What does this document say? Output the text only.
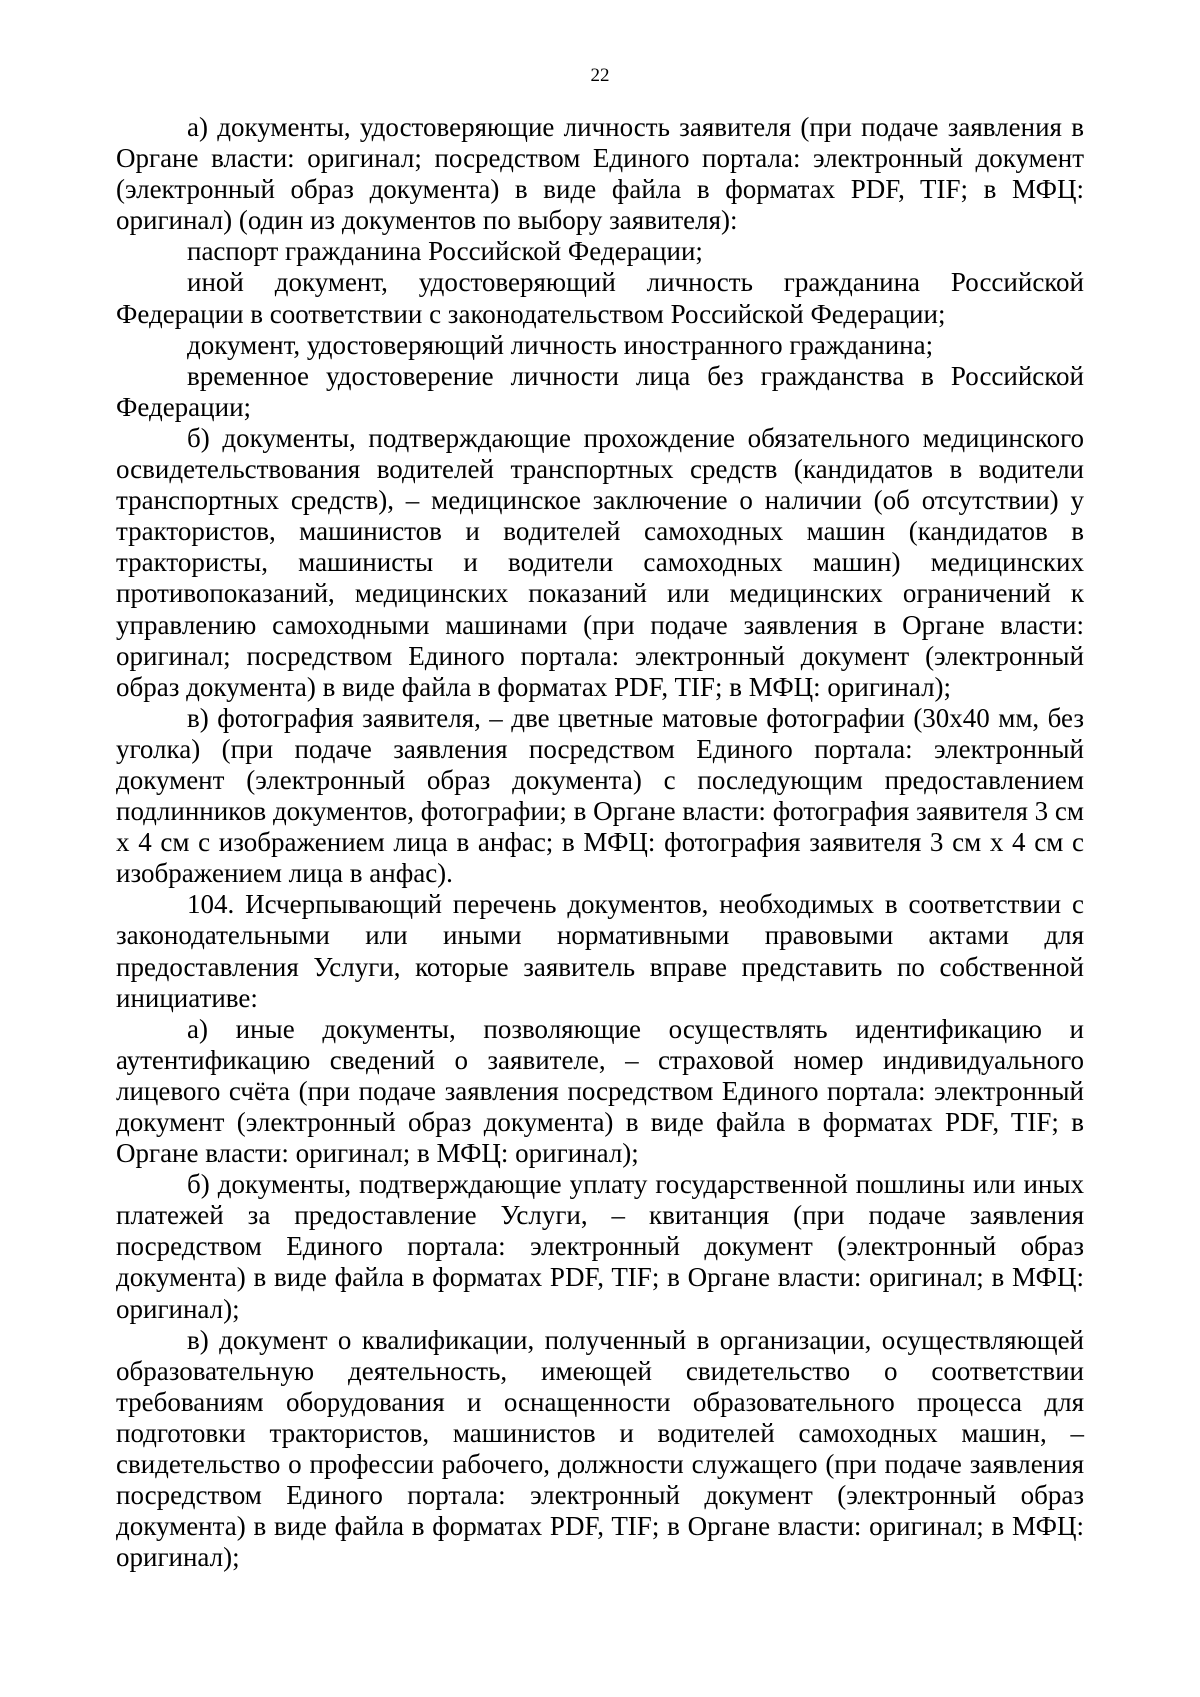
22

а) документы, удостоверяющие личность заявителя (при подаче заявления в Органе власти: оригинал; посредством Единого портала: электронный документ (электронный образ документа) в виде файла в форматах PDF, TIF; в МФЦ: оригинал) (один из документов по выбору заявителя):

паспорт гражданина Российской Федерации;

иной документ, удостоверяющий личность гражданина Российской Федерации в соответствии с законодательством Российской Федерации;

документ, удостоверяющий личность иностранного гражданина;

временное удостоверение личности лица без гражданства в Российской Федерации;

б) документы, подтверждающие прохождение обязательного медицинского освидетельствования водителей транспортных средств (кандидатов в водители транспортных средств), – медицинское заключение о наличии (об отсутствии) у трактористов, машинистов и водителей самоходных машин (кандидатов в трактористы, машинисты и водители самоходных машин) медицинских противопоказаний, медицинских показаний или медицинских ограничений к управлению самоходными машинами (при подаче заявления в Органе власти: оригинал; посредством Единого портала: электронный документ (электронный образ документа) в виде файла в форматах PDF, TIF; в МФЦ: оригинал);

в) фотография заявителя, – две цветные матовые фотографии (30х40 мм, без уголка) (при подаче заявления посредством Единого портала: электронный документ (электронный образ документа) с последующим предоставлением подлинников документов, фотографии; в Органе власти: фотография заявителя 3 см x 4 см с изображением лица в анфас; в МФЦ: фотография заявителя 3 см x 4 см с изображением лица в анфас).

104. Исчерпывающий перечень документов, необходимых в соответствии с законодательными или иными нормативными правовыми актами для предоставления Услуги, которые заявитель вправе представить по собственной инициативе:

а) иные документы, позволяющие осуществлять идентификацию и аутентификацию сведений о заявителе, – страховой номер индивидуального лицевого счёта (при подаче заявления посредством Единого портала: электронный документ (электронный образ документа) в виде файла в форматах PDF, TIF; в Органе власти: оригинал; в МФЦ: оригинал);

б) документы, подтверждающие уплату государственной пошлины или иных платежей за предоставление Услуги, – квитанция (при подаче заявления посредством Единого портала: электронный документ (электронный образ документа) в виде файла в форматах PDF, TIF; в Органе власти: оригинал; в МФЦ: оригинал);

в) документ о квалификации, полученный в организации, осуществляющей образовательную деятельность, имеющей свидетельство о соответствии требованиям оборудования и оснащенности образовательного процесса для подготовки трактористов, машинистов и водителей самоходных машин, – свидетельство о профессии рабочего, должности служащего (при подаче заявления посредством Единого портала: электронный документ (электронный образ документа) в виде файла в форматах PDF, TIF; в Органе власти: оригинал; в МФЦ: оригинал);
